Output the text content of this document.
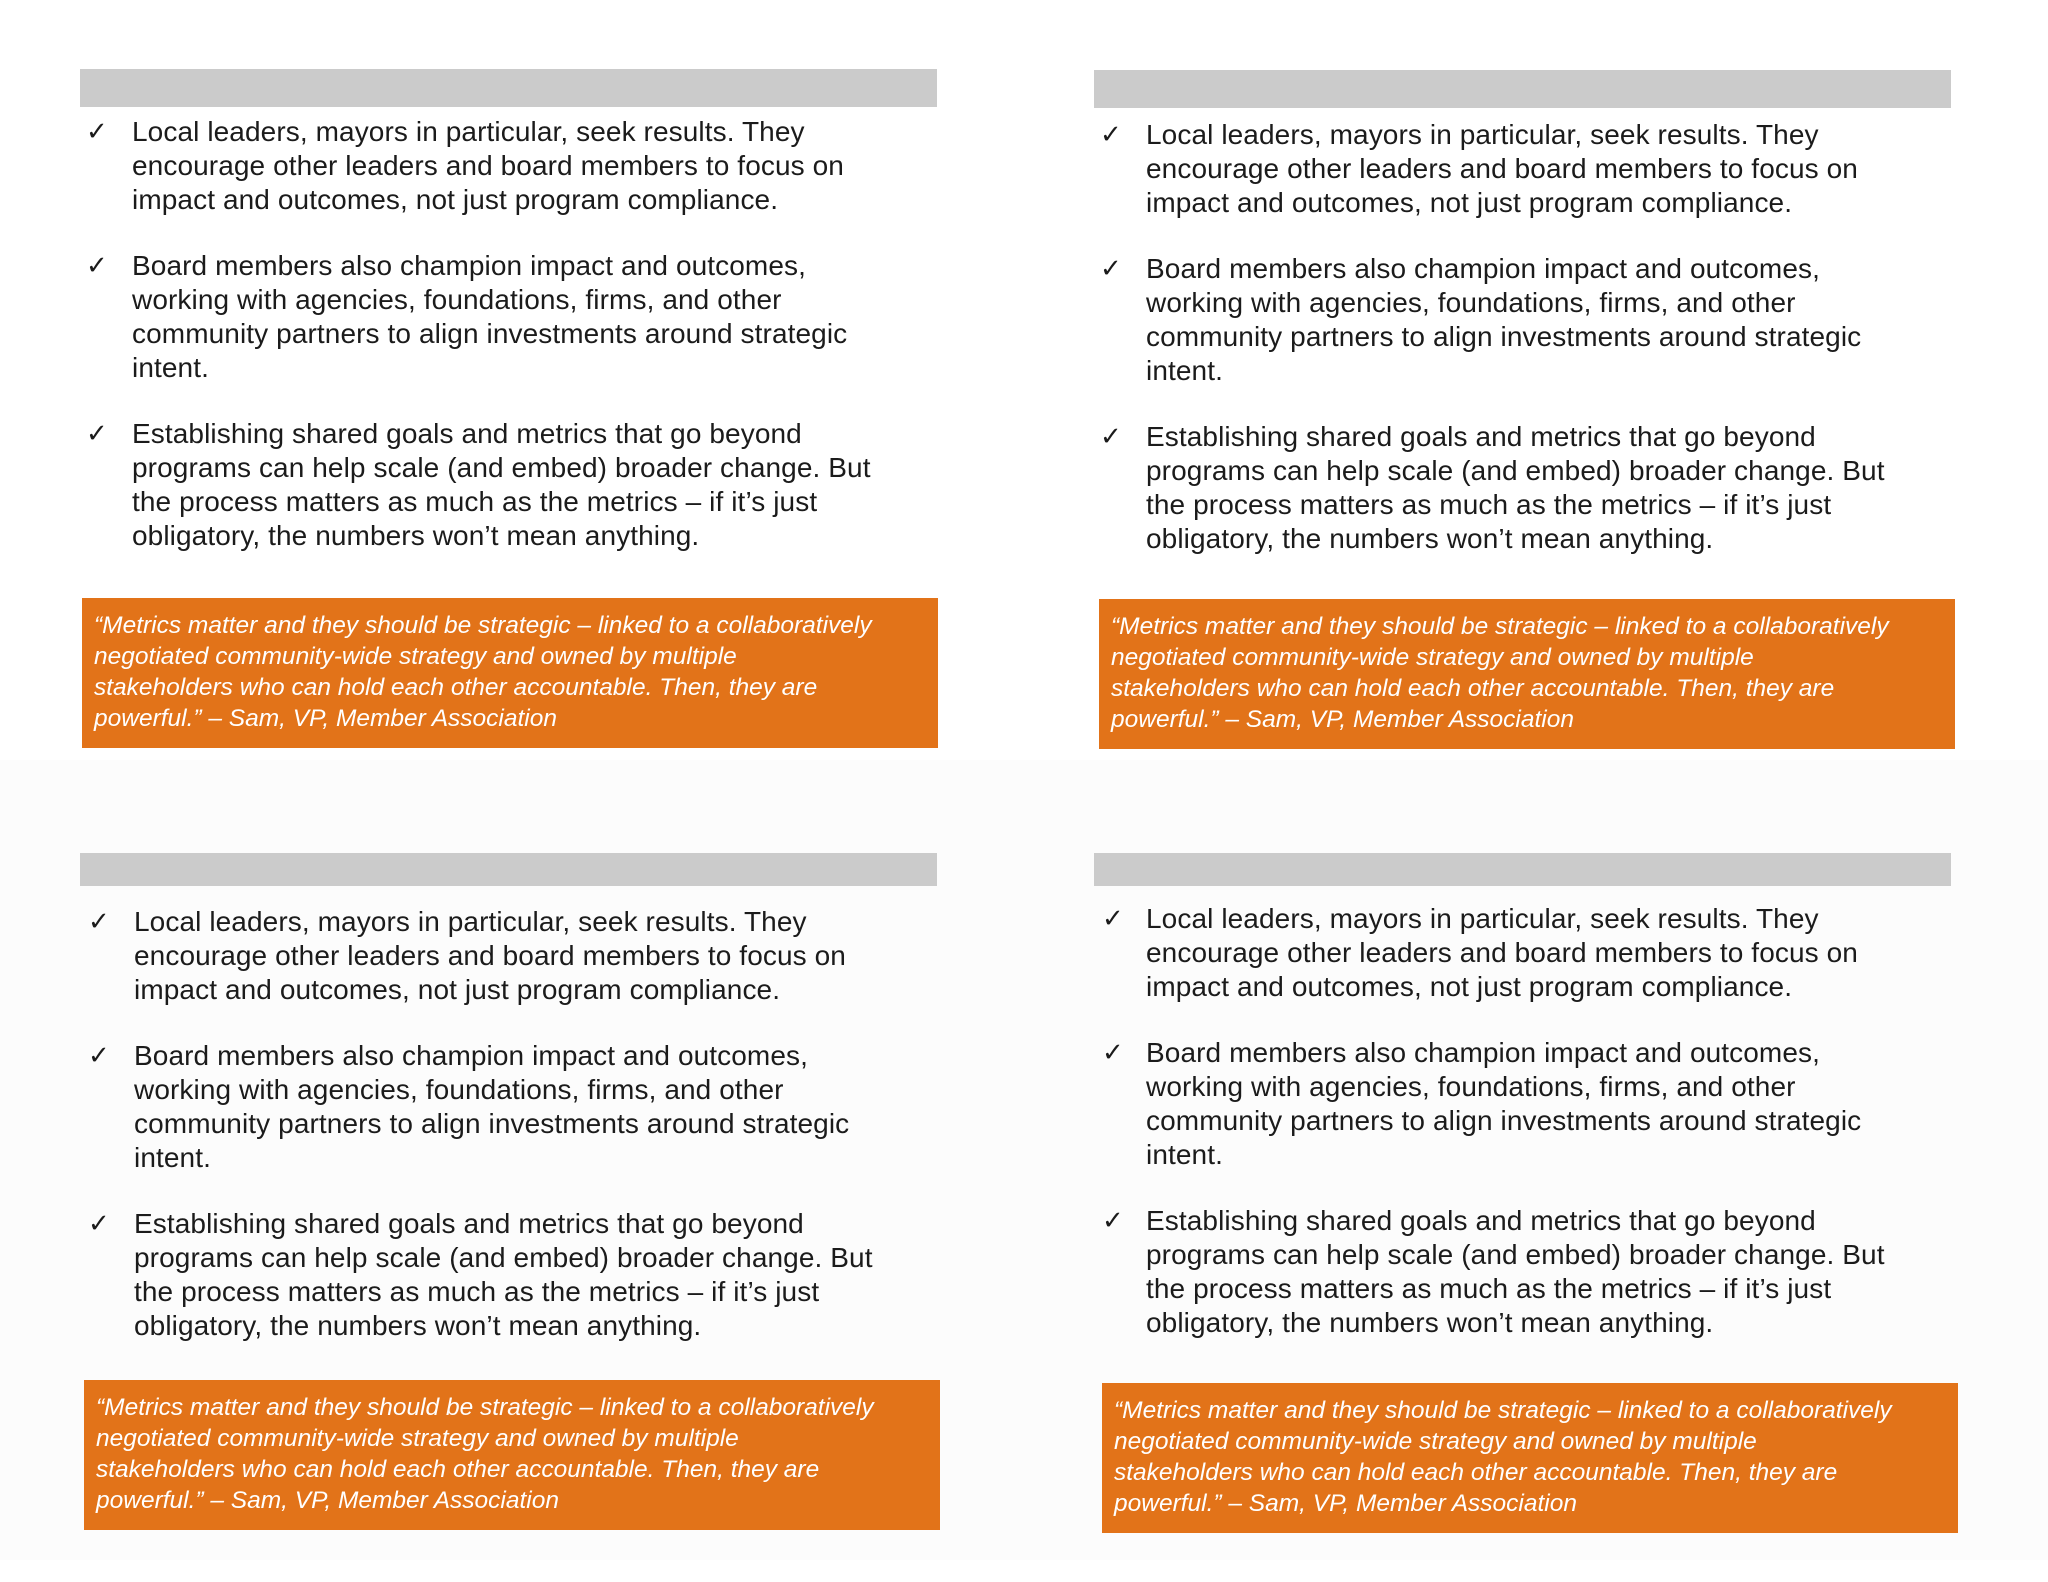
✓ Local leaders, mayors in particular, seek results. They
encourage other leaders and board members to focus on
impact and outcomes, not just program compliance.
✓ Board members also champion impact and outcomes,
working with agencies, foundations, firms, and other
community partners to align investments around strategic
intent.
✓ Establishing shared goals and metrics that go beyond
programs can help scale (and embed) broader change. But
the process matters as much as the metrics – if it’s just
obligatory, the numbers won’t mean anything.

“Metrics matter and they should be strategic – linked to a collaboratively
negotiated community-wide strategy and owned by multiple
stakeholders who can hold each other accountable. Then, they are
powerful.” – Sam, VP, Member Association

✓ Local leaders, mayors in particular, seek results. They
encourage other leaders and board members to focus on
impact and outcomes, not just program compliance.
✓ Board members also champion impact and outcomes,
working with agencies, foundations, firms, and other
community partners to align investments around strategic
intent.
✓ Establishing shared goals and metrics that go beyond
programs can help scale (and embed) broader change. But
the process matters as much as the metrics – if it’s just
obligatory, the numbers won’t mean anything.

“Metrics matter and they should be strategic – linked to a collaboratively
negotiated community-wide strategy and owned by multiple
stakeholders who can hold each other accountable. Then, they are
powerful.” – Sam, VP, Member Association

✓ Local leaders, mayors in particular, seek results. They
encourage other leaders and board members to focus on
impact and outcomes, not just program compliance.
✓ Board members also champion impact and outcomes,
working with agencies, foundations, firms, and other
community partners to align investments around strategic
intent.
✓ Establishing shared goals and metrics that go beyond
programs can help scale (and embed) broader change. But
the process matters as much as the metrics – if it’s just
obligatory, the numbers won’t mean anything.

“Metrics matter and they should be strategic – linked to a collaboratively
negotiated community-wide strategy and owned by multiple
stakeholders who can hold each other accountable. Then, they are
powerful.” – Sam, VP, Member Association

✓ Local leaders, mayors in particular, seek results. They
encourage other leaders and board members to focus on
impact and outcomes, not just program compliance.
✓ Board members also champion impact and outcomes,
working with agencies, foundations, firms, and other
community partners to align investments around strategic
intent.
✓ Establishing shared goals and metrics that go beyond
programs can help scale (and embed) broader change. But
the process matters as much as the metrics – if it’s just
obligatory, the numbers won’t mean anything.

“Metrics matter and they should be strategic – linked to a collaboratively
negotiated community-wide strategy and owned by multiple
stakeholders who can hold each other accountable. Then, they are
powerful.” – Sam, VP, Member Association
